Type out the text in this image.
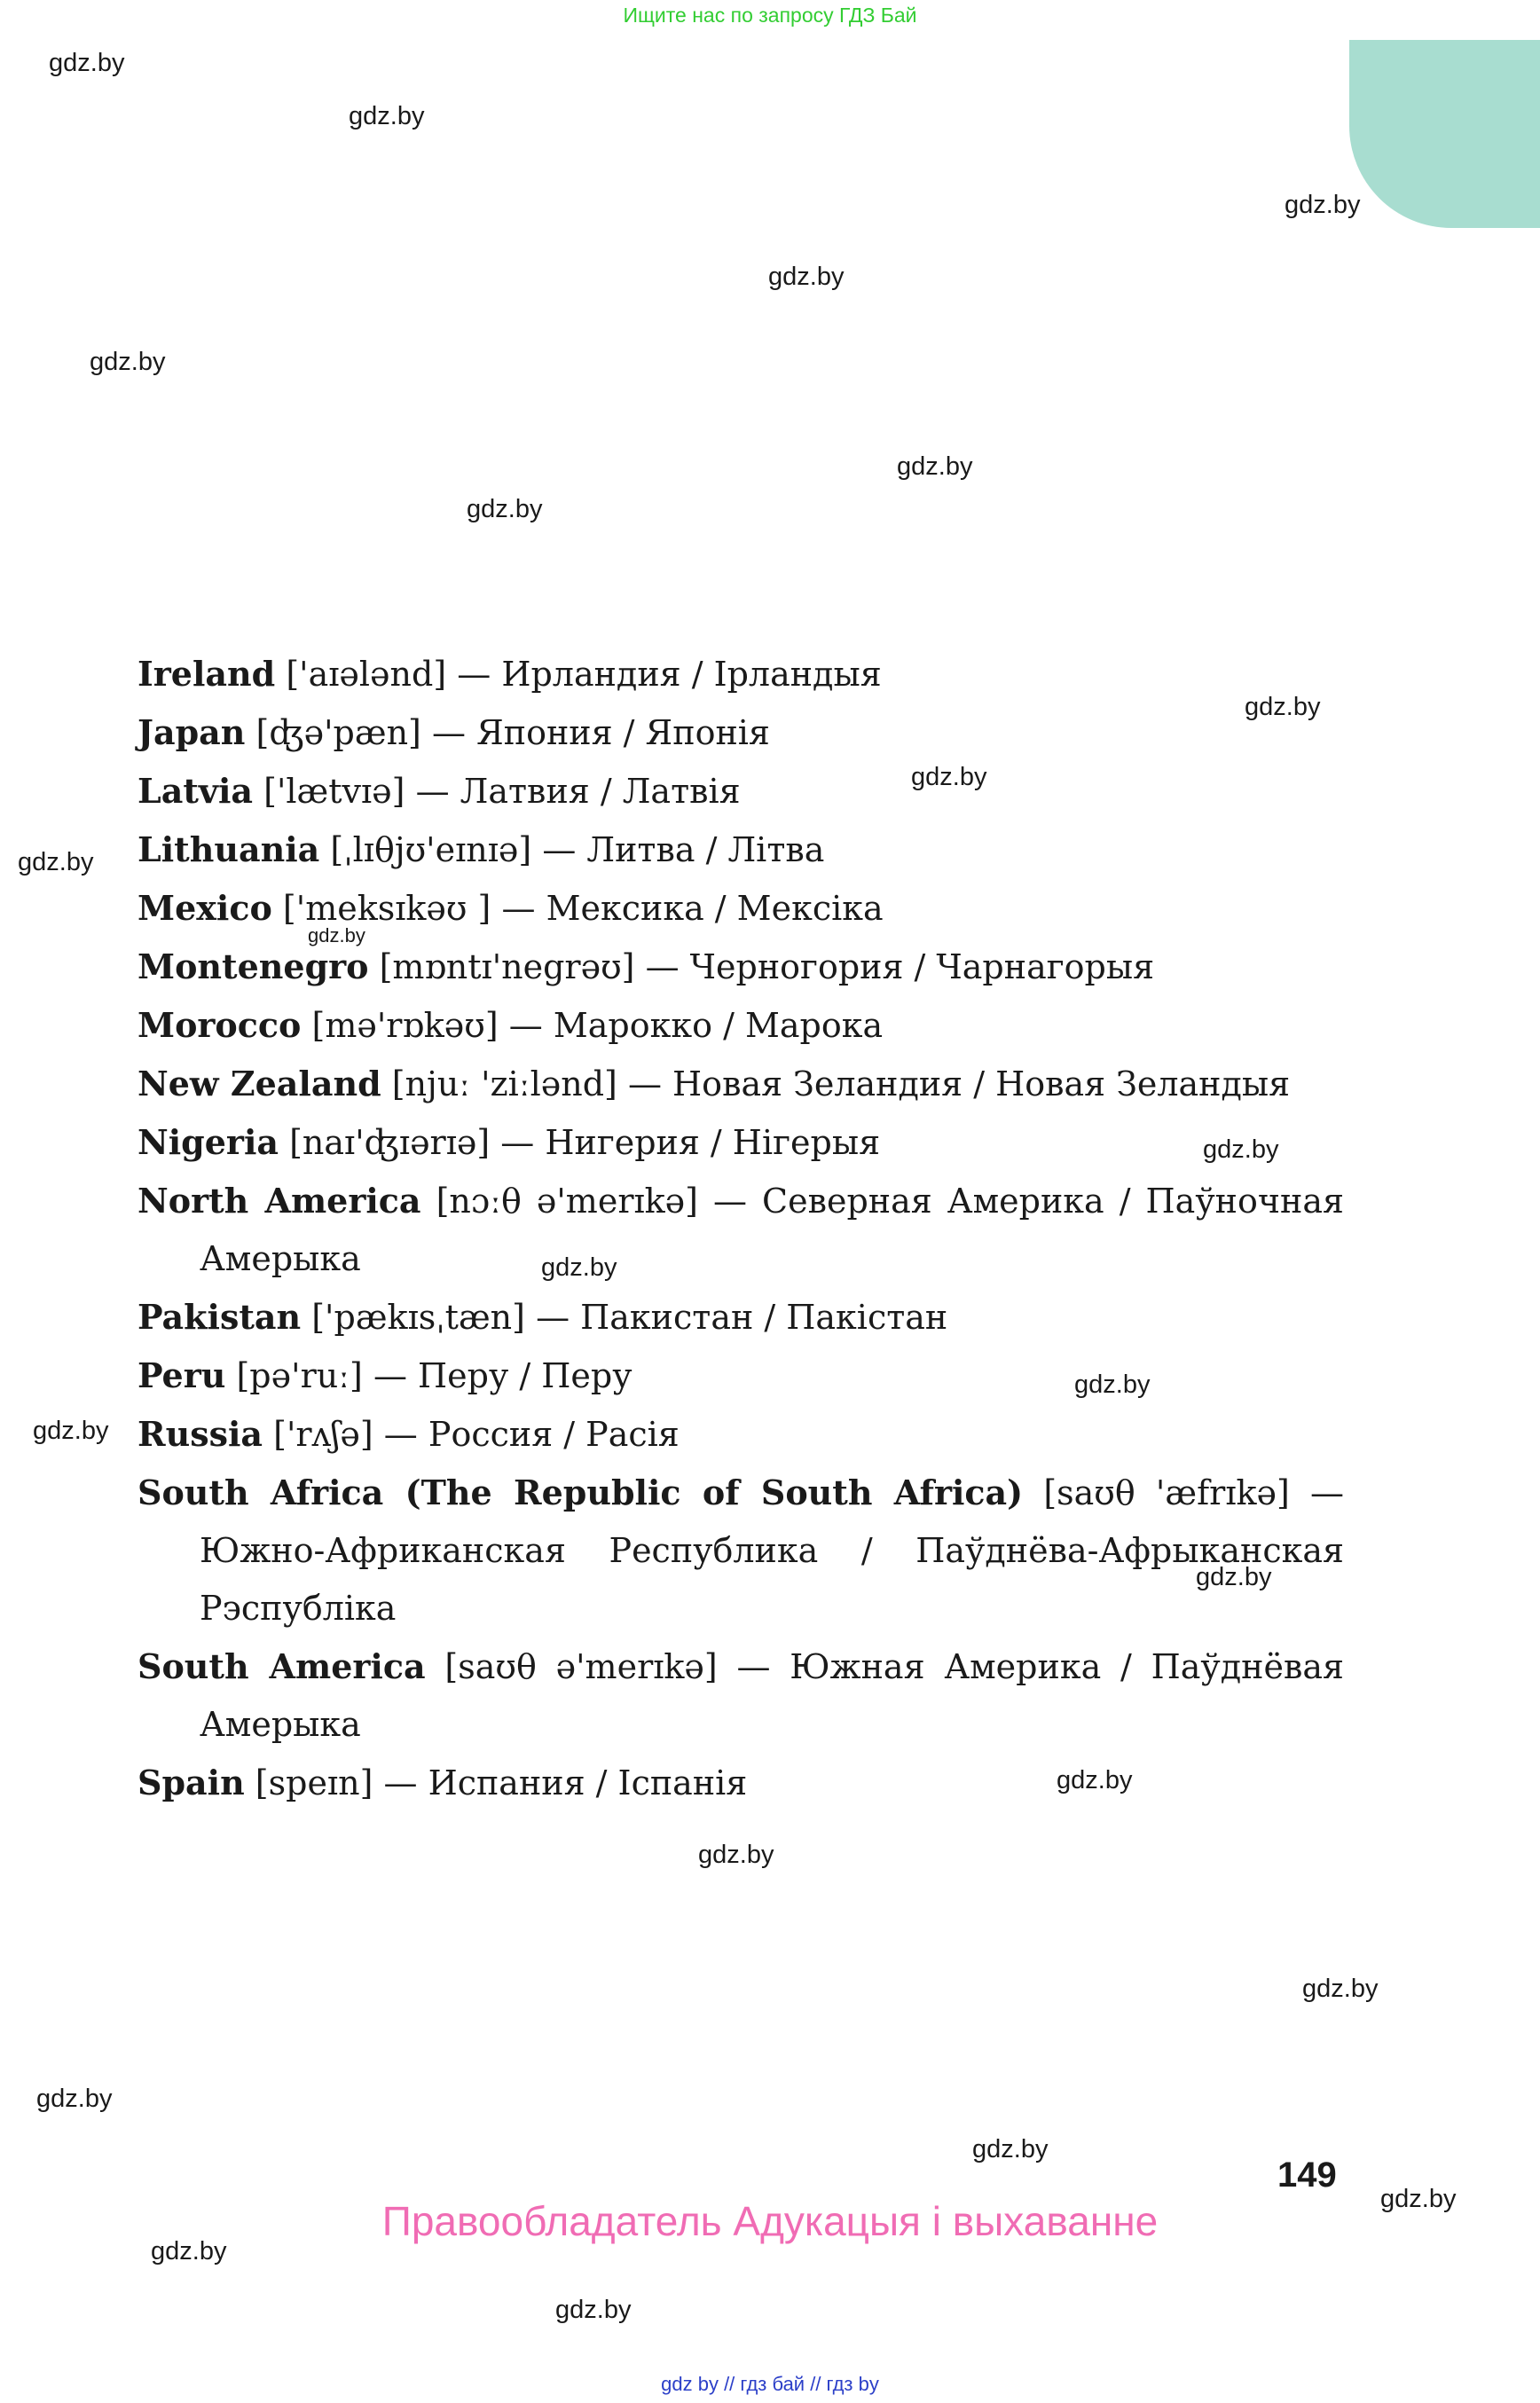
Ищите нас по запросу ГДЗ Бай
gdz.by
gdz.by
gdz.by
gdz.by
gdz.by
gdz.by
gdz.by
gdz.by
gdz.by
gdz.by
gdz.by
gdz.by
gdz.by
gdz.by
gdz.by
gdz.by
gdz.by
gdz.by
gdz.by
gdz.by
gdz.by
gdz.by
gdz.by
gdz.by
Ireland ['aɪələnd] — Ирландия / Ірландыя
Japan [ʤə'pæn] — Япония / Японія
Latvia ['lætvɪə] — Латвия / Латвія
Lithuania [ˌlɪθjʊ'eɪnɪə] — Литва / Літва
Mexico ['meksɪkəʊ ] — Мексика / Мексіка
Montenegro [mɒntɪ'negrəʊ] — Черногория / Чарнагорыя
Morocco [mə'rɒkəʊ] — Марокко / Марока
New Zealand [njuː 'ziːlənd] — Новая Зеландия / Новая Зеландыя
Nigeria [naɪ'ʤɪərɪə] — Нигерия / Нігерыя
North America [nɔːθ ə'merɪkə] — Северная Америка / Паўночная Амерыка
Pakistan ['pækɪsˌtæn] — Пакистан / Пакістан
Peru [pə'ruː] — Перу / Перу
Russia ['rʌʃə] — Россия / Расія
South Africa (The Republic of South Africa) [saʊθ 'æfrɪkə] — Южно-Африканская Республика / Паўднёва-Афрыканская Рэспубліка
South America [saʊθ ə'merɪkə] — Южная Америка / Паўднёвая Амерыка
Spain [speɪn] — Испания / Іспанія
149
Правообладатель Адукацыя і выхаванне
gdz by // гдз бай // гдз by
